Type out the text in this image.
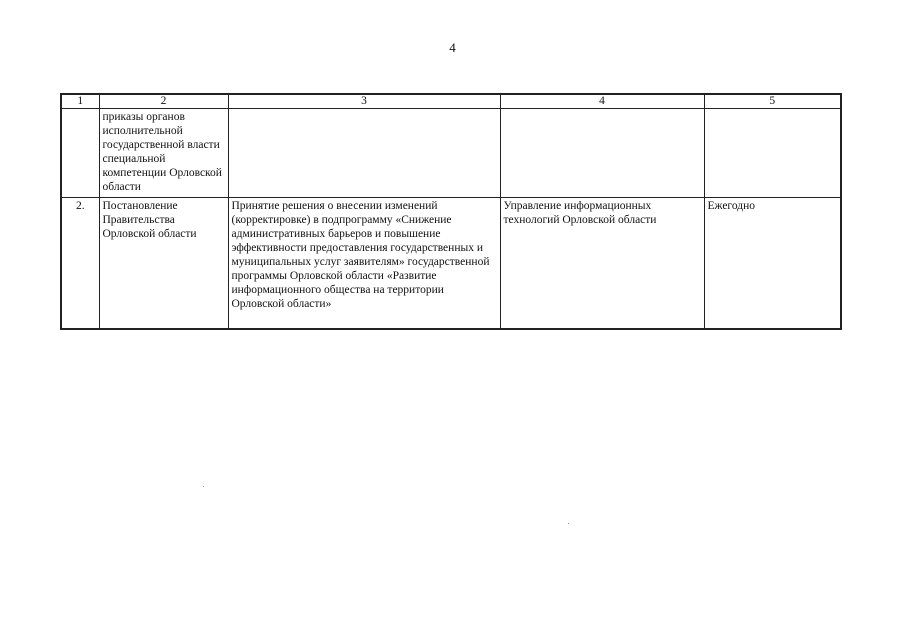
4
1	2	3	4	5
	приказы органов исполнительной государственной власти специальной компетенции Орловской области			
2.	Постановление Правительства Орловской области	Принятие решения о внесении изменений (корректировке) в подпрограмму «Снижение административных барьеров и повышение эффективности предоставления государственных и муниципальных услуг заявителям» государственной программы Орловской области «Развитие информационного общества на территории Орловской области»	Управление информационных технологий Орловской области	Ежегодно
